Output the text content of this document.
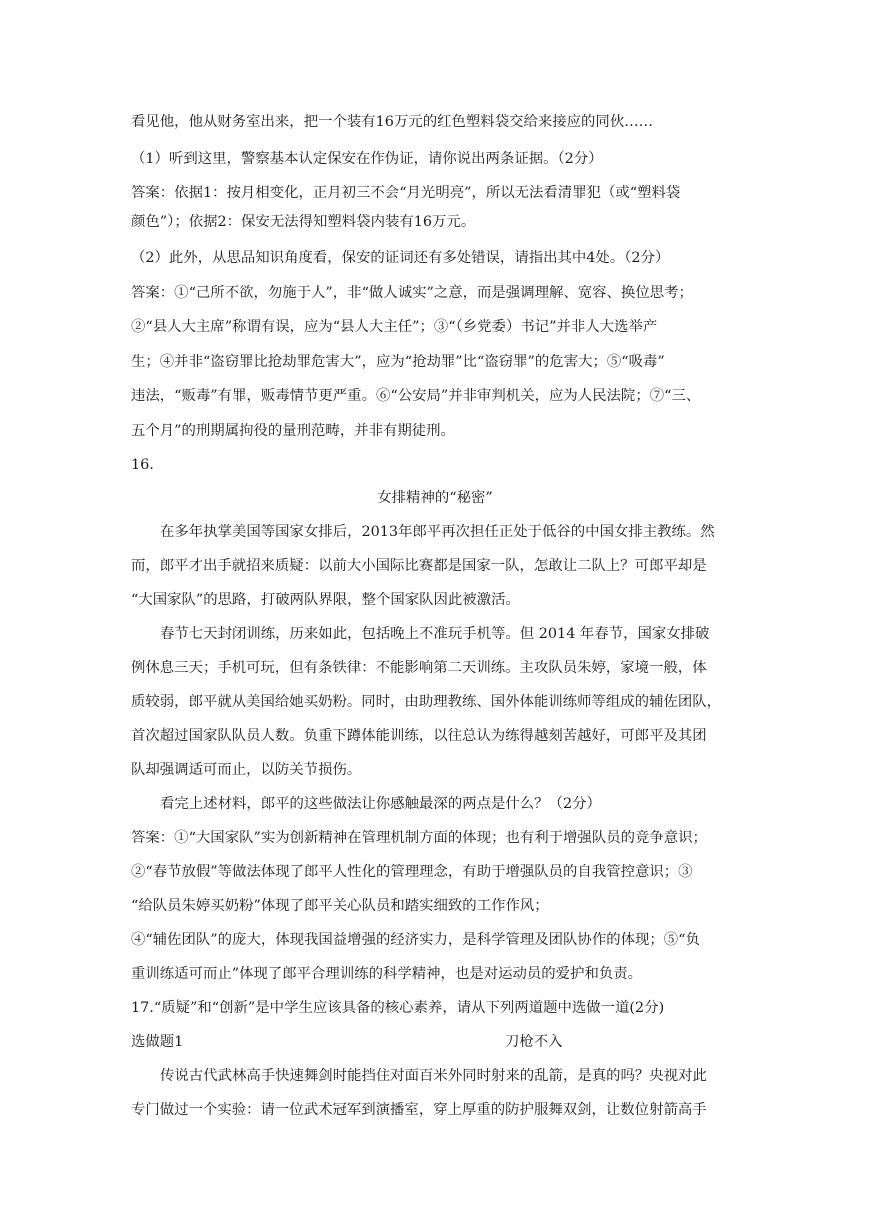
看见他，他从财务室出来，把一个装有16万元的红色塑料袋交给来接应的同伙……
（1）听到这里，警察基本认定保安在作伪证，请你说出两条证据。（2分）
答案：依据1：按月相变化，正月初三不会“月光明亮”，所以无法看清罪犯（或“塑料袋
颜色”）；依据2：保安无法得知塑料袋内装有16万元。
（2）此外，从思品知识角度看，保安的证词还有多处错误，请指出其中4处。（2分）
答案：①“己所不欲，勿施于人”，非“做人诚实”之意，而是强调理解、宽容、换位思考；
②“县人大主席”称谓有误，应为“县人大主任”；③“（乡党委）书记”并非人大选举产
生；④并非“盗窃罪比抢劫罪危害大”，应为“抢劫罪”比“盗窃罪”的危害大；⑤“吸毒”
违法，“贩毒”有罪，贩毒情节更严重。⑥“公安局”并非审判机关，应为人民法院；⑦“三、
五个月”的刑期属拘役的量刑范畴，并非有期徒刑。
16.
女排精神的“秘密”
在多年执掌美国等国家女排后，2013年郎平再次担任正处于低谷的中国女排主教练。然
而，郎平才出手就招来质疑：以前大小国际比赛都是国家一队，怎敢让二队上？可郎平却是
“大国家队”的思路，打破两队界限，整个国家队因此被激活。
春节七天封闭训练，历来如此，包括晚上不准玩手机等。但 2014 年春节，国家女排破
例休息三天；手机可玩，但有条铁律：不能影响第二天训练。主攻队员朱婷，家境一般，体
质较弱，郎平就从美国给她买奶粉。同时，由助理教练、国外体能训练师等组成的辅佐团队，
首次超过国家队队员人数。负重下蹲体能训练，以往总认为练得越刻苦越好，可郎平及其团
队却强调适可而止，以防关节损伤。
看完上述材料，郎平的这些做法让你感触最深的两点是什么？（2分）
答案：①“大国家队”实为创新精神在管理机制方面的体现；也有利于增强队员的竞争意识；
②“春节放假”等做法体现了郎平人性化的管理理念，有助于增强队员的自我管控意识；③
“给队员朱婷买奶粉”体现了郎平关心队员和踏实细致的工作作风；
④“辅佐团队”的庞大，体现我国益增强的经济实力，是科学管理及团队协作的体现；⑤“负
重训练适可而止”体现了郎平合理训练的科学精神，也是对运动员的爱护和负责。
17.“质疑”和“创新”是中学生应该具备的核心素养，请从下列两道题中选做一道(2分)
选做题1	刀枪不入
传说古代武林高手快速舞剑时能挡住对面百米外同时射来的乱箭，是真的吗？央视对此
专门做过一个实验：请一位武术冠军到演播室，穿上厚重的防护服舞双剑，让数位射箭高手
